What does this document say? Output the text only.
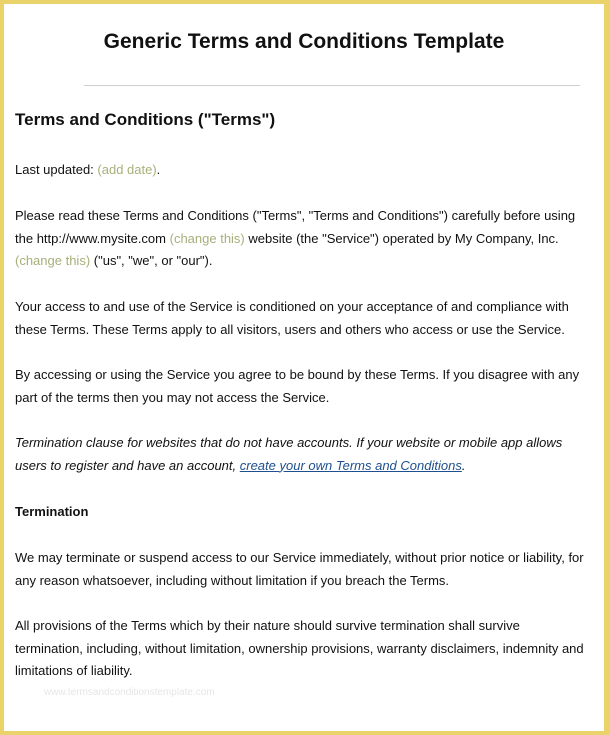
Generic Terms and Conditions Template
Terms and Conditions ("Terms")
Last updated: (add date).
Please read these Terms and Conditions ("Terms", "Terms and Conditions") carefully before using the http://www.mysite.com (change this) website (the "Service") operated by My Company, Inc. (change this) ("us", "we", or "our").
Your access to and use of the Service is conditioned on your acceptance of and compliance with these Terms. These Terms apply to all visitors, users and others who access or use the Service.
By accessing or using the Service you agree to be bound by these Terms. If you disagree with any part of the terms then you may not access the Service.
Termination clause for websites that do not have accounts. If your website or mobile app allows users to register and have an account, create your own Terms and Conditions.
Termination
We may terminate or suspend access to our Service immediately, without prior notice or liability, for any reason whatsoever, including without limitation if you breach the Terms.
All provisions of the Terms which by their nature should survive termination shall survive termination, including, without limitation, ownership provisions, warranty disclaimers, indemnity and limitations of liability.
www.termsandconditionstemplate.com
